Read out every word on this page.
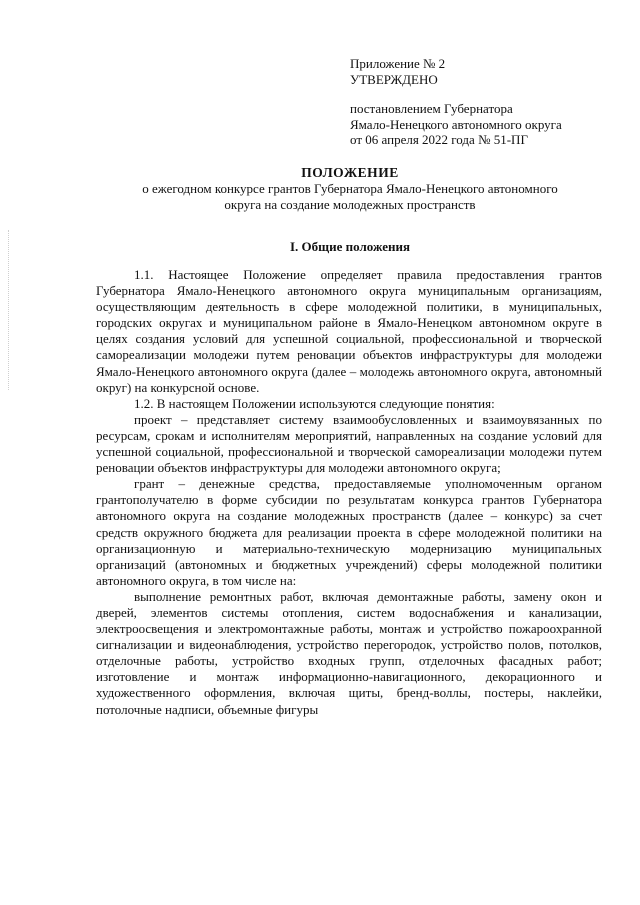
Приложение № 2
УТВЕРЖДЕНО
постановлением Губернатора
Ямало-Ненецкого автономного округа
от 06 апреля 2022 года № 51-ПГ
ПОЛОЖЕНИЕ
о ежегодном конкурсе грантов Губернатора Ямало-Ненецкого автономного
округа на создание молодежных пространств
I. Общие положения

1.1. Настоящее Положение определяет правила предоставления грантов Губернатора Ямало-Ненецкого автономного округа муниципальным организациям, осуществляющим деятельность в сфере молодежной политики, в муниципальных, городских округах и муниципальном районе в Ямало-Ненецком автономном округе в целях создания условий для успешной социальной, профессиональной и творческой самореализации молодежи путем реновации объектов инфраструктуры для молодежи Ямало-Ненецкого автономного округа (далее – молодежь автономного округа, автономный округ) на конкурсной основе.

1.2. В настоящем Положении используются следующие понятия:

проект – представляет систему взаимообусловленных и взаимоувязанных по ресурсам, срокам и исполнителям мероприятий, направленных на создание условий для успешной социальной, профессиональной и творческой самореализации молодежи путем реновации объектов инфраструктуры для молодежи автономного округа;

грант – денежные средства, предоставляемые уполномоченным органом грантополучателю в форме субсидии по результатам конкурса грантов Губернатора автономного округа на создание молодежных пространств (далее – конкурс) за счет средств окружного бюджета для реализации проекта в сфере молодежной политики на организационную и материально-техническую модернизацию муниципальных организаций (автономных и бюджетных учреждений) сферы молодежной политики автономного округа, в том числе на:

выполнение ремонтных работ, включая демонтажные работы, замену окон и дверей, элементов системы отопления, систем водоснабжения и канализации, электроосвещения и электромонтажные работы, монтаж и устройство пожароохранной сигнализации и видеонаблюдения, устройство перегородок, устройство полов, потолков, отделочные работы, устройство входных групп, отделочных фасадных работ; изготовление и монтаж информационно-навигационного, декорационного и художественного оформления, включая щиты, бренд-воллы, постеры, наклейки, потолочные надписи, объемные фигуры
